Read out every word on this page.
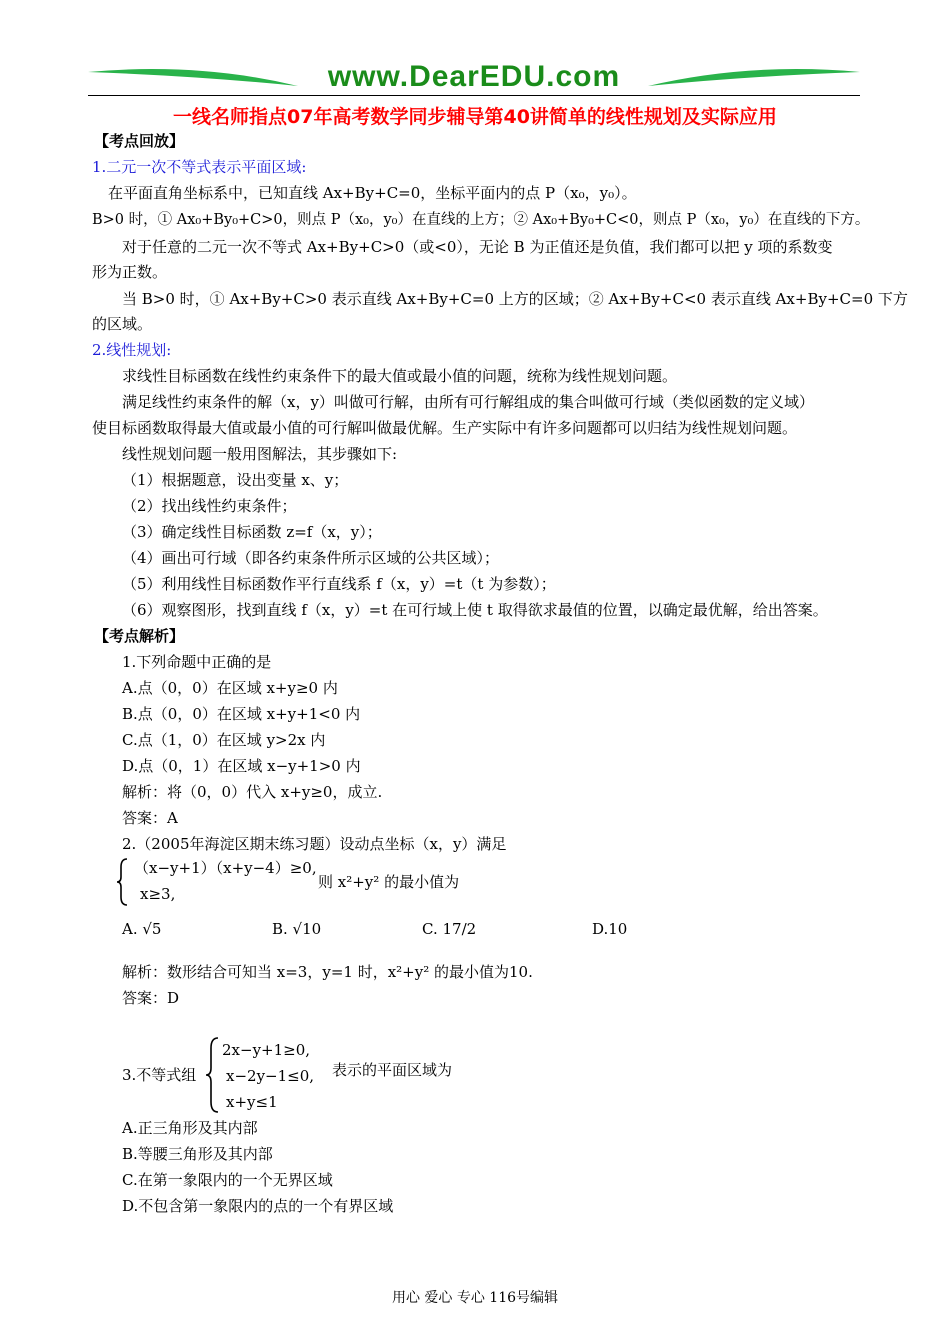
www.DearEDU.com
一线名师指点07年高考数学同步辅导第40讲简单的线性规划及实际应用
【考点回放】
1.二元一次不等式表示平面区域:
在平面直角坐标系中，已知直线 Ax+By+C=0，坐标平面内的点 P（x₀，y₀）。
B>0 时，① Ax₀+By₀+C>0，则点 P（x₀，y₀）在直线的上方；② Ax₀+By₀+C<0，则点 P（x₀，y₀）在直线的下方。
对于任意的二元一次不等式 Ax+By+C>0（或<0），无论 B 为正值还是负值，我们都可以把 y 项的系数变
形为正数。
当 B>0 时，① Ax+By+C>0 表示直线 Ax+By+C=0 上方的区域；② Ax+By+C<0 表示直线 Ax+By+C=0 下方
的区域。
2.线性规划:
求线性目标函数在线性约束条件下的最大值或最小值的问题，统称为线性规划问题。
满足线性约束条件的解（x，y）叫做可行解，由所有可行解组成的集合叫做可行域（类似函数的定义域）
使目标函数取得最大值或最小值的可行解叫做最优解。生产实际中有许多问题都可以归结为线性规划问题。
线性规划问题一般用图解法，其步骤如下:
（1）根据题意，设出变量 x、y；
（2）找出线性约束条件；
（3）确定线性目标函数 z=f（x，y）；
（4）画出可行域（即各约束条件所示区域的公共区域）；
（5）利用线性目标函数作平行直线系 f（x，y）=t（t 为参数）；
（6）观察图形，找到直线 f（x，y）=t 在可行域上使 t 取得欲求最值的位置，以确定最优解，给出答案。
【考点解析】
1.下列命题中正确的是
A.点（0，0）在区域 x+y≥0 内
B.点（0，0）在区域 x+y+1<0 内
C.点（1，0）在区域 y>2x 内
D.点（0，1）在区域 x−y+1>0 内
解析：将（0，0）代入 x+y≥0，成立.
答案：A
2.（2005年海淀区期末练习题）设动点坐标（x，y）满足
（x−y+1）（x+y−4）≥0,
x≥3,
则 x²+y² 的最小值为
A. √5	B. √10	C. 17/2	D.10
解析：数形结合可知当 x=3，y=1 时，x²+y² 的最小值为10.
答案：D
3.不等式组
2x−y+1≥0,
x−2y−1≤0,
x+y≤1
表示的平面区域为
A.正三角形及其内部
B.等腰三角形及其内部
C.在第一象限内的一个无界区域
D.不包含第一象限内的点的一个有界区域
用心 爱心 专心 116号编辑
